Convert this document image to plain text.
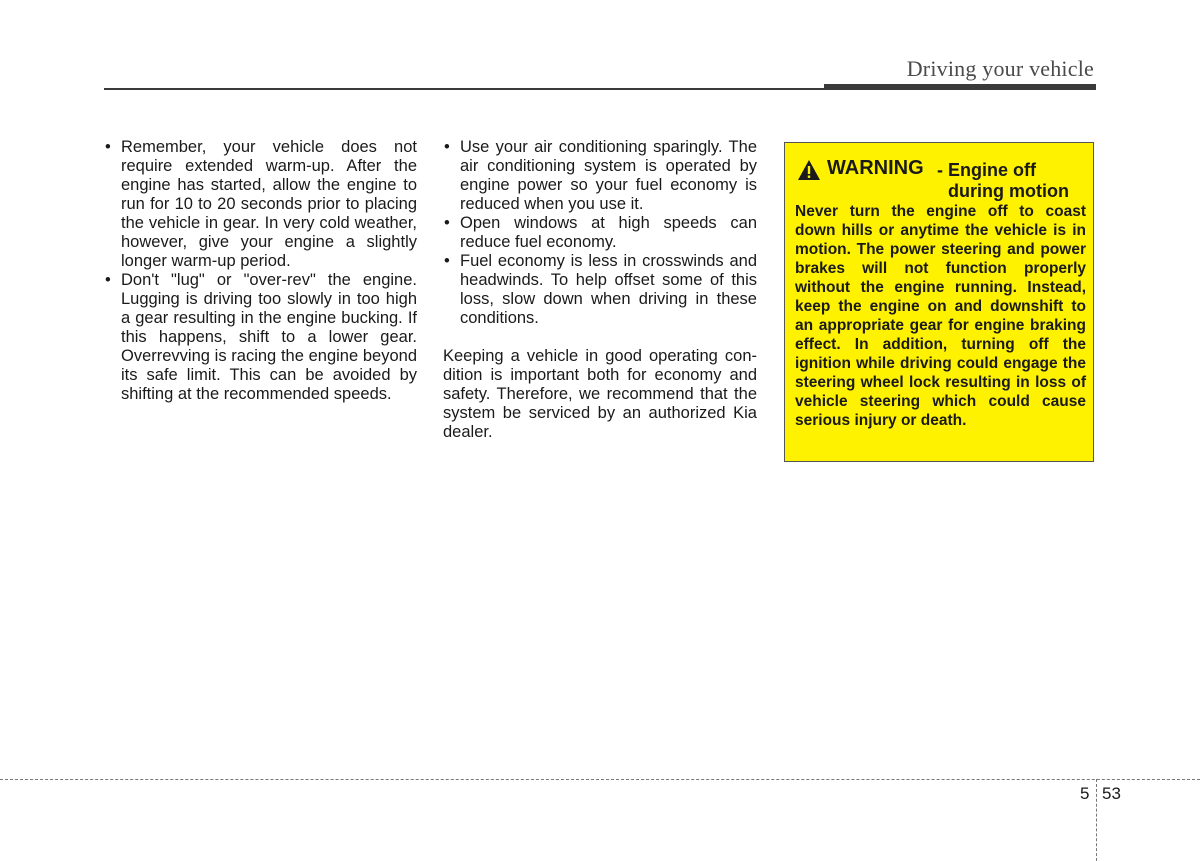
Driving your vehicle
• Remember, your vehicle does not require extended warm-up. After the engine has started, allow the engine to run for 10 to 20 seconds prior to placing the vehicle in gear. In very cold weather, however, give your engine a slightly longer warm-up period.
• Don't "lug" or "over-rev" the engine. Lugging is driving too slowly in too high a gear resulting in the engine bucking. If this happens, shift to a lower gear. Overrevving is racing the engine beyond its safe limit. This can be avoided by shifting at the recommended speeds.
• Use your air conditioning sparingly. The air conditioning system is operated by engine power so your fuel economy is reduced when you use it.
• Open windows at high speeds can reduce fuel economy.
• Fuel economy is less in crosswinds and headwinds. To help offset some of this loss, slow down when driving in these conditions.

Keeping a vehicle in good operating condition is important both for economy and safety. Therefore, we recommend that the system be serviced by an authorized Kia dealer.

WARNING - Engine off
during motion
Never turn the engine off to coast down hills or anytime the vehicle is in motion. The power steering and power brakes will not function properly without the engine running. Instead, keep the engine on and downshift to an appropriate gear for engine braking effect. In addition, turning off the ignition while driving could engage the steering wheel lock resulting in loss of vehicle steering which could cause serious injury or death.
5 53
